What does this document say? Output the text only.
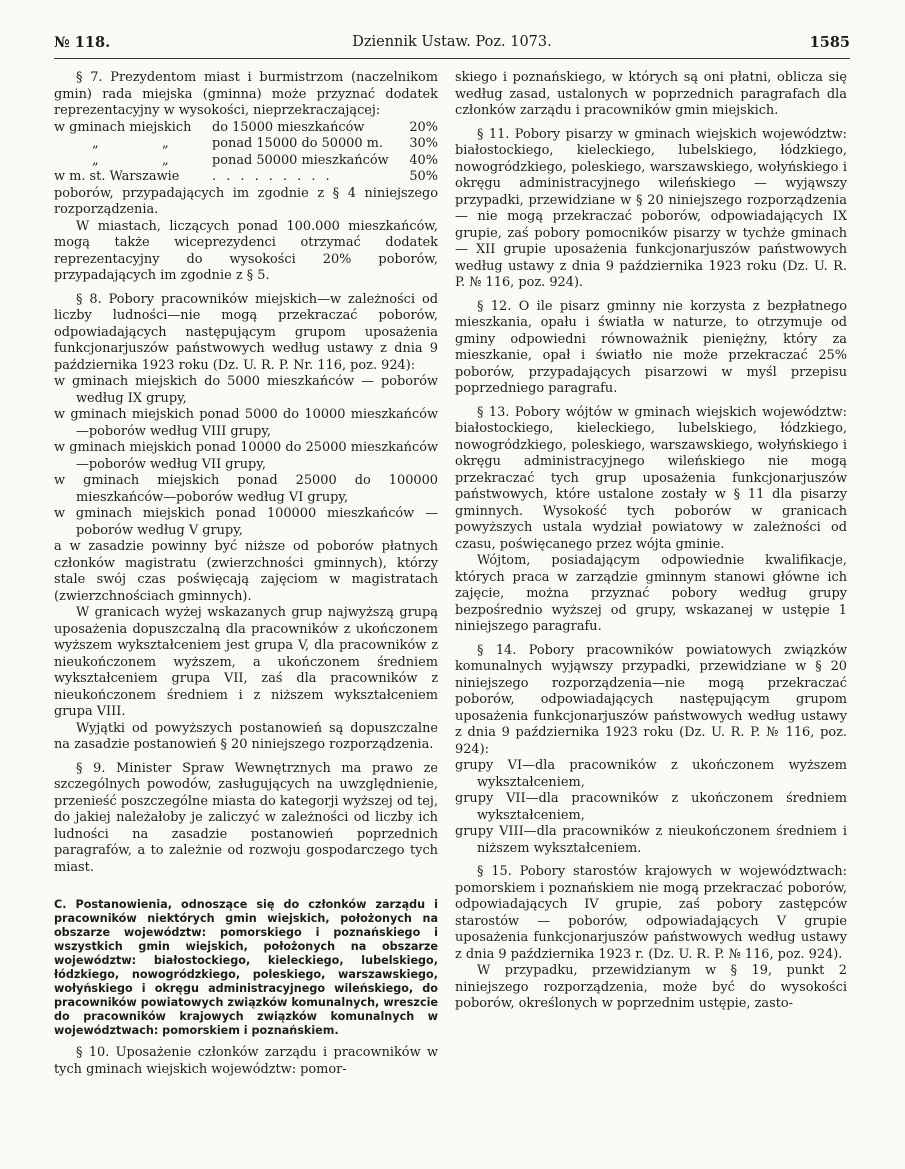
№ 118.	Dziennik Ustaw. Poz. 1073.	1585

§ 7. Prezydentom miast i burmistrzom (naczelnikom gmin) rada miejska (gminna) może przyznać dodatek reprezentacyjny w wysokości, nieprzekraczającej:

w gminach miejskich		do 15000 mieszkańców	20%
„	„	ponad 15000 do 50000 m.	30%
„	„	ponad 50000 mieszkańców	40%
w m. st. Warszawie		. . . . . . . . .	50%

poborów, przypadających im zgodnie z § 4 niniejszego rozporządzenia.

W miastach, liczących ponad 100.000 mieszkańców, mogą także wiceprezydenci otrzymać dodatek reprezentacyjny do wysokości 20% poborów, przypadających im zgodnie z § 5.

§ 8. Pobory pracowników miejskich—w zależności od liczby ludności—nie mogą przekraczać poborów, odpowiadających następującym grupom uposażenia funkcjonarjuszów państwowych według ustawy z dnia 9 października 1923 roku (Dz. U. R. P. Nr. 116, poz. 924):

w gminach miejskich do 5000 mieszkańców — poborów według IX grupy,

w gminach miejskich ponad 5000 do 10000 mieszkańców—poborów według VIII grupy,

w gminach miejskich ponad 10000 do 25000 mieszkańców—poborów według VII grupy,

w gminach miejskich ponad 25000 do 100000 mieszkańców—poborów według VI grupy,

w gminach miejskich ponad 100000 mieszkańców — poborów według V grupy,

a w zasadzie powinny być niższe od poborów płatnych członków magistratu (zwierzchności gminnych), którzy stale swój czas poświęcają zajęciom w magistratach (zwierzchnościach gminnych).

W granicach wyżej wskazanych grup najwyższą grupą uposażenia dopuszczalną dla pracowników z ukończonem wyższem wykształceniem jest grupa V, dla pracowników z nieukończonem wyższem, a ukończonem średniem wykształceniem grupa VII, zaś dla pracowników z nieukończonem średniem i z niższem wykształceniem grupa VIII.

Wyjątki od powyższych postanowień są dopuszczalne na zasadzie postanowień § 20 niniejszego rozporządzenia.

§ 9. Minister Spraw Wewnętrznych ma prawo ze szczególnych powodów, zasługujących na uwzględnienie, przenieść poszczególne miasta do kategorji wyższej od tej, do jakiej należałoby je zaliczyć w zależności od liczby ich ludności na zasadzie postanowień poprzednich paragrafów, a to zależnie od rozwoju gospodarczego tych miast.

C. Postanowienia, odnoszące się do członków zarządu i pracowników niektórych gmin wiejskich, położonych na obszarze województw: pomorskiego i poznańskiego i wszystkich gmin wiejskich, położonych na obszarze województw: białostockiego, kieleckiego, lubelskiego, łódzkiego, nowogródzkiego, poleskiego, warszawskiego, wołyńskiego i okręgu administracyjnego wileńskiego, do pracowników powiatowych związków komunalnych, wreszcie do pracowników krajowych związków komunalnych w województwach: pomorskiem i poznańskiem.

§ 10. Uposażenie członków zarządu i pracowników w tych gminach wiejskich województw: pomor-

skiego i poznańskiego, w których są oni płatni, oblicza się według zasad, ustalonych w poprzednich paragrafach dla członków zarządu i pracowników gmin miejskich.

§ 11. Pobory pisarzy w gminach wiejskich województw: białostockiego, kieleckiego, lubelskiego, łódzkiego, nowogródzkiego, poleskiego, warszawskiego, wołyńskiego i okręgu administracyjnego wileńskiego — wyjąwszy przypadki, przewidziane w § 20 niniejszego rozporządzenia — nie mogą przekraczać poborów, odpowiadających IX grupie, zaś pobory pomocników pisarzy w tychże gminach — XII grupie uposażenia funkcjonarjuszów państwowych według ustawy z dnia 9 października 1923 roku (Dz. U. R. P. № 116, poz. 924).

§ 12. O ile pisarz gminny nie korzysta z bezpłatnego mieszkania, opału i światła w naturze, to otrzymuje od gminy odpowiedni równoważnik pieniężny, który za mieszkanie, opał i światło nie może przekraczać 25% poborów, przypadających pisarzowi w myśl przepisu poprzedniego paragrafu.

§ 13. Pobory wójtów w gminach wiejskich województw: białostockiego, kieleckiego, lubelskiego, łódzkiego, nowogródzkiego, poleskiego, warszawskiego, wołyńskiego i okręgu administracyjnego wileńskiego nie mogą przekraczać tych grup uposażenia funkcjonarjuszów państwowych, które ustalone zostały w § 11 dla pisarzy gminnych. Wysokość tych poborów w granicach powyższych ustala wydział powiatowy w zależności od czasu, poświęcanego przez wójta gminie.

Wójtom, posiadającym odpowiednie kwalifikacje, których praca w zarządzie gminnym stanowi główne ich zajęcie, można przyznać pobory według grupy bezpośrednio wyższej od grupy, wskazanej w ustępie 1 niniejszego paragrafu.

§ 14. Pobory pracowników powiatowych związków komunalnych wyjąwszy przypadki, przewidziane w § 20 niniejszego rozporządzenia—nie mogą przekraczać poborów, odpowiadających następującym grupom uposażenia funkcjonarjuszów państwowych według ustawy z dnia 9 października 1923 roku (Dz. U. R. P. № 116, poz. 924):

grupy VI—dla pracowników z ukończonem wyższem wykształceniem,

grupy VII—dla pracowników z ukończonem średniem wykształceniem,

grupy VIII—dla pracowników z nieukończonem średniem i niższem wykształceniem.

§ 15. Pobory starostów krajowych w województwach: pomorskiem i poznańskiem nie mogą przekraczać poborów, odpowiadających IV grupie, zaś pobory zastępców starostów — poborów, odpowiadających V grupie uposażenia funkcjonarjuszów państwowych według ustawy z dnia 9 października 1923 r. (Dz. U. R. P. № 116, poz. 924).

W przypadku, przewidzianym w § 19, punkt 2 niniejszego rozporządzenia, może być do wysokości poborów, określonych w poprzednim ustępie, zasto-
